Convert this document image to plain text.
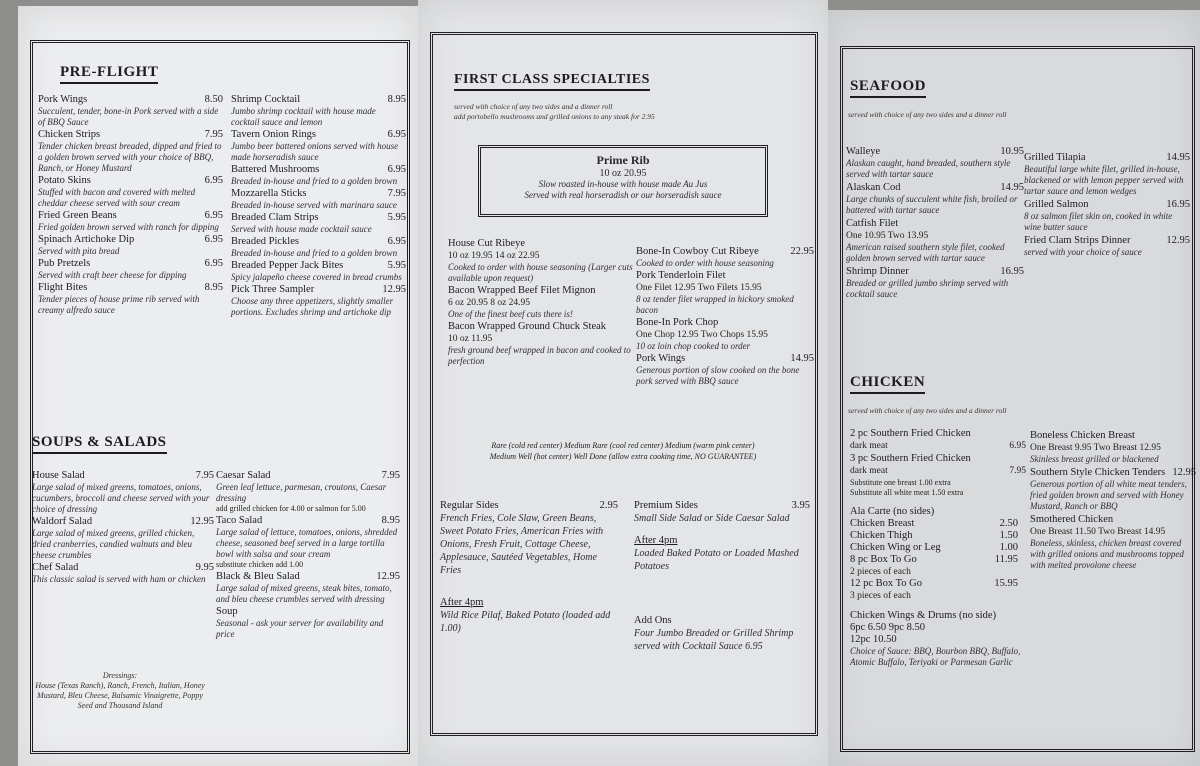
PRE-FLIGHT
Pork Wings	8.50
Succulent, tender, bone-in Pork served with a side of BBQ Sauce
Chicken Strips	7.95
Tender chicken breast breaded, dipped and fried to a golden brown served with your choice of BBQ, Ranch, or Honey Mustard
Potato Skins	6.95
Stuffed with bacon and covered with melted cheddar cheese served with sour cream
Fried Green Beans	6.95
Fried golden brown served with ranch for dipping
Spinach Artichoke Dip	6.95
Served with pita bread
Pub Pretzels	6.95
Served with craft beer cheese for dipping
Flight Bites	8.95
Tender pieces of house prime rib served with creamy alfredo sauce
Shrimp Cocktail	8.95
Jumbo shrimp cocktail with house made cocktail sauce and lemon
Tavern Onion Rings	6.95
Jumbo beer battered onions served with house made horseradish sauce
Battered Mushrooms	6.95
Breaded in-house and fried to a golden brown
Mozzarella Sticks	7.95
Breaded in-house served with marinara sauce
Breaded Clam Strips	5.95
Served with house made cocktail sauce
Breaded Pickles	6.95
Breaded in-house and fried to a golden brown
Breaded Pepper Jack Bites	5.95
Spicy jalapeño cheese covered in bread crumbs
Pick Three Sampler	12.95
Choose any three appetizers, slightly smaller portions. Excludes shrimp and artichoke dip
SOUPS & SALADS
House Salad	7.95
Large salad of mixed greens, tomatoes, onions, cucumbers, broccoli and cheese served with your choice of dressing
Waldorf Salad	12.95
Large salad of mixed greens, grilled chicken, dried cranberries, candied walnuts and bleu cheese crumbles
Chef Salad	9.95
This classic salad is served with ham or chicken
Dressings:
House (Texas Ranch), Ranch, French, Italian, Honey Mustard, Bleu Cheese, Balsamic Vinaigrette, Poppy Seed and Thousand Island
Caesar Salad	7.95
Green leaf lettuce, parmesan, croutons, Caesar dressing
add grilled chicken for 4.00 or salmon for 5.00
Taco Salad	8.95
Large salad of lettuce, tomatoes, onions, shredded cheese, seasoned beef served in a large tortilla bowl with salsa and sour cream
substitute chicken add 1.00
Black & Bleu Salad	12.95
Large salad of mixed greens, steak bites, tomato, and bleu cheese crumbles served with dressing
Soup
Seasonal - ask your server for availability and price
FIRST CLASS SPECIALTIES
served with choice of any two sides and a dinner roll
add portobello mushrooms and grilled onions to any steak for 2.95
Prime Rib
10 oz 20.95
Slow roasted in-house with house made Au Jus
Served with real horseradish or our horseradish sauce
House Cut Ribeye
10 oz 19.95 14 oz 22.95
Cooked to order with house seasoning (Larger cuts available upon request)
Bacon Wrapped Beef Filet Mignon
6 oz 20.95 8 oz 24.95
One of the finest beef cuts there is!
Bacon Wrapped Ground Chuck Steak
10 oz 11.95
fresh ground beef wrapped in bacon and cooked to perfection
Bone-In Cowboy Cut Ribeye	22.95
Cooked to order with house seasoning
Pork Tenderloin Filet
One Filet 12.95 Two Filets 15.95
8 oz tender filet wrapped in hickory smoked bacon
Bone-In Pork Chop
One Chop 12.95 Two Chops 15.95
10 oz loin chop cooked to order
Pork Wings	14.95
Generous portion of slow cooked on the bone pork served with BBQ sauce
Rare (cold red center) Medium Rare (cool red center) Medium (warm pink center)
Medium Well (hot center) Well Done (allow extra cooking time, NO GUARANTEE)
Regular Sides	2.95
French Fries, Cole Slaw, Green Beans, Sweet Potato Fries, American Fries with Onions, Fresh Fruit, Cottage Cheese, Applesauce, Sautéed Vegetables, Home Fries
After 4pm
Wild Rice Pilaf, Baked Potato (loaded add 1.00)
Premium Sides	3.95
Small Side Salad or Side Caesar Salad
After 4pm
Loaded Baked Potato or Loaded Mashed Potatoes
Add Ons
Four Jumbo Breaded or Grilled Shrimp served with Cocktail Sauce 6.95
SEAFOOD
served with choice of any two sides and a dinner roll
Walleye	10.95
Alaskan caught, hand breaded, southern style served with tartar sauce
Alaskan Cod	14.95
Large chunks of succulent white fish, broiled or battered with tartar sauce
Catfish Filet
One 10.95 Two 13.95
American raised southern style filet, cooked golden brown served with tartar sauce
Shrimp Dinner	16.95
Breaded or grilled jumbo shrimp served with cocktail sauce
Grilled Tilapia	14.95
Beautiful large white filet, grilled in-house, blackened or with lemon pepper served with tartar sauce and lemon wedges
Grilled Salmon	16.95
8 oz salmon filet skin on, cooked in white wine butter sauce
Fried Clam Strips Dinner	12.95
served with your choice of sauce
CHICKEN
served with choice of any two sides and a dinner roll
2 pc Southern Fried Chicken
dark meat	6.95
3 pc Southern Fried Chicken
dark meat	7.95
Substitute one breast 1.00 extra
Substitute all white meat 1.50 extra
Ala Carte (no sides)
Chicken Breast	2.50
Chicken Thigh	1.50
Chicken Wing or Leg	1.00
8 pc Box To Go	11.95
2 pieces of each
12 pc Box To Go	15.95
3 pieces of each
Chicken Wings & Drums (no side)
6pc 6.50 9pc 8.50
12pc 10.50
Choice of Sauce: BBQ, Bourbon BBQ, Buffalo, Atomic Buffalo, Teriyaki or Parmesan Garlic
Boneless Chicken Breast
One Breast 9.95 Two Breast 12.95
Skinless breast grilled or blackened
Southern Style Chicken Tenders 12.95
Generous portion of all white meat tenders, fried golden brown and served with Honey Mustard, Ranch or BBQ
Smothered Chicken
One Breast 11.50 Two Breast 14.95
Boneless, skinless, chicken breast covered with grilled onions and mushrooms topped with melted provolone cheese
